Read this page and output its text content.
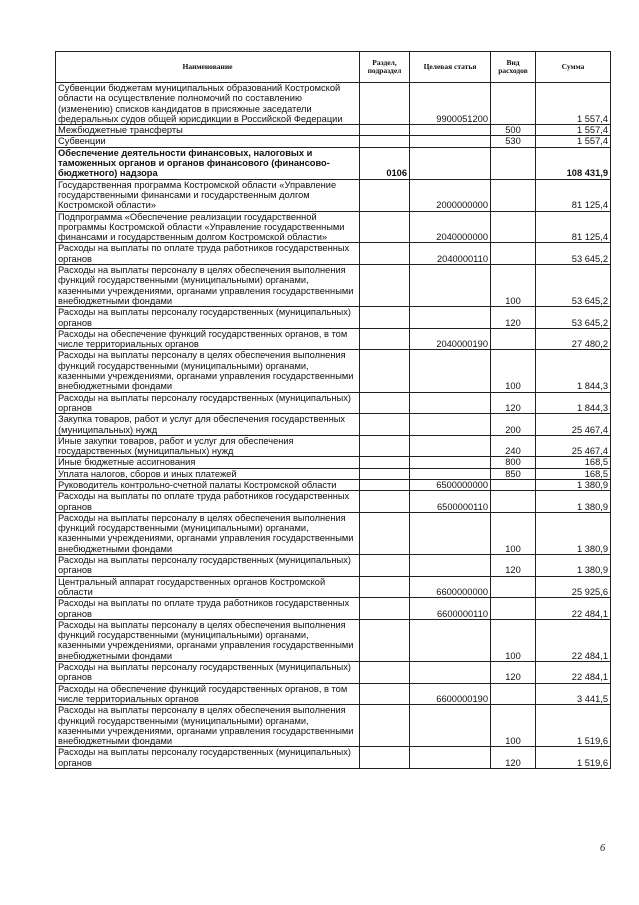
Наименование	Раздел, подраздел	Целевая статья	Вид расходов	Сумма
Субвенции бюджетам муниципальных образований Костромской области на осуществление полномочий по составлению (изменению) списков кандидатов в присяжные заседатели федеральных судов общей юрисдикции в Российской Федерации		9900051200		1 557,4
Межбюджетные трансферты			500	1 557,4
Субвенции			530	1 557,4
Обеспечение деятельности финансовых, налоговых и таможенных органов и органов финансового (финансово-бюджетного) надзора	0106			108 431,9
Государственная программа Костромской области «Управление государственными финансами и государственным долгом Костромской области»		2000000000		81 125,4
Подпрограмма «Обеспечение реализации государственной программы Костромской области «Управление государственными финансами и государственным долгом Костромской области»		2040000000		81 125,4
Расходы на выплаты по оплате труда работников государственных органов		2040000110		53 645,2
Расходы на выплаты персоналу в целях обеспечения выполнения функций государственными (муниципальными) органами, казенными учреждениями, органами управления государственными внебюджетными фондами			100	53 645,2
Расходы на выплаты персоналу государственных (муниципальных) органов			120	53 645,2
Расходы на обеспечение функций государственных органов, в том числе территориальных органов		2040000190		27 480,2
Расходы на выплаты персоналу в целях обеспечения выполнения функций государственными (муниципальными) органами, казенными учреждениями, органами управления государственными внебюджетными фондами			100	1 844,3
Расходы на выплаты персоналу государственных (муниципальных) органов			120	1 844,3
Закупка товаров, работ и услуг для обеспечения государственных (муниципальных) нужд			200	25 467,4
Иные закупки товаров, работ и услуг для обеспечения государственных (муниципальных) нужд			240	25 467,4
Иные бюджетные ассигнования			800	168,5
Уплата налогов, сборов и иных платежей			850	168,5
Руководитель контрольно-счетной палаты Костромской области		6500000000		1 380,9
Расходы на выплаты по оплате труда работников государственных органов		6500000110		1 380,9
Расходы на выплаты персоналу в целях обеспечения выполнения функций государственными (муниципальными) органами, казенными учреждениями, органами управления государственными внебюджетными фондами			100	1 380,9
Расходы на выплаты персоналу государственных (муниципальных) органов			120	1 380,9
Центральный аппарат государственных органов Костромской области		6600000000		25 925,6
Расходы на выплаты по оплате труда работников государственных органов		6600000110		22 484,1
Расходы на выплаты персоналу в целях обеспечения выполнения функций государственными (муниципальными) органами, казенными учреждениями, органами управления государственными внебюджетными фондами			100	22 484,1
Расходы на выплаты персоналу государственных (муниципальных) органов			120	22 484,1
Расходы на обеспечение функций государственных органов, в том числе территориальных органов		6600000190		3 441,5
Расходы на выплаты персоналу в целях обеспечения выполнения функций государственными (муниципальными) органами, казенными учреждениями, органами управления государственными внебюджетными фондами			100	1 519,6
Расходы на выплаты персоналу государственных (муниципальных) органов			120	1 519,6
6
